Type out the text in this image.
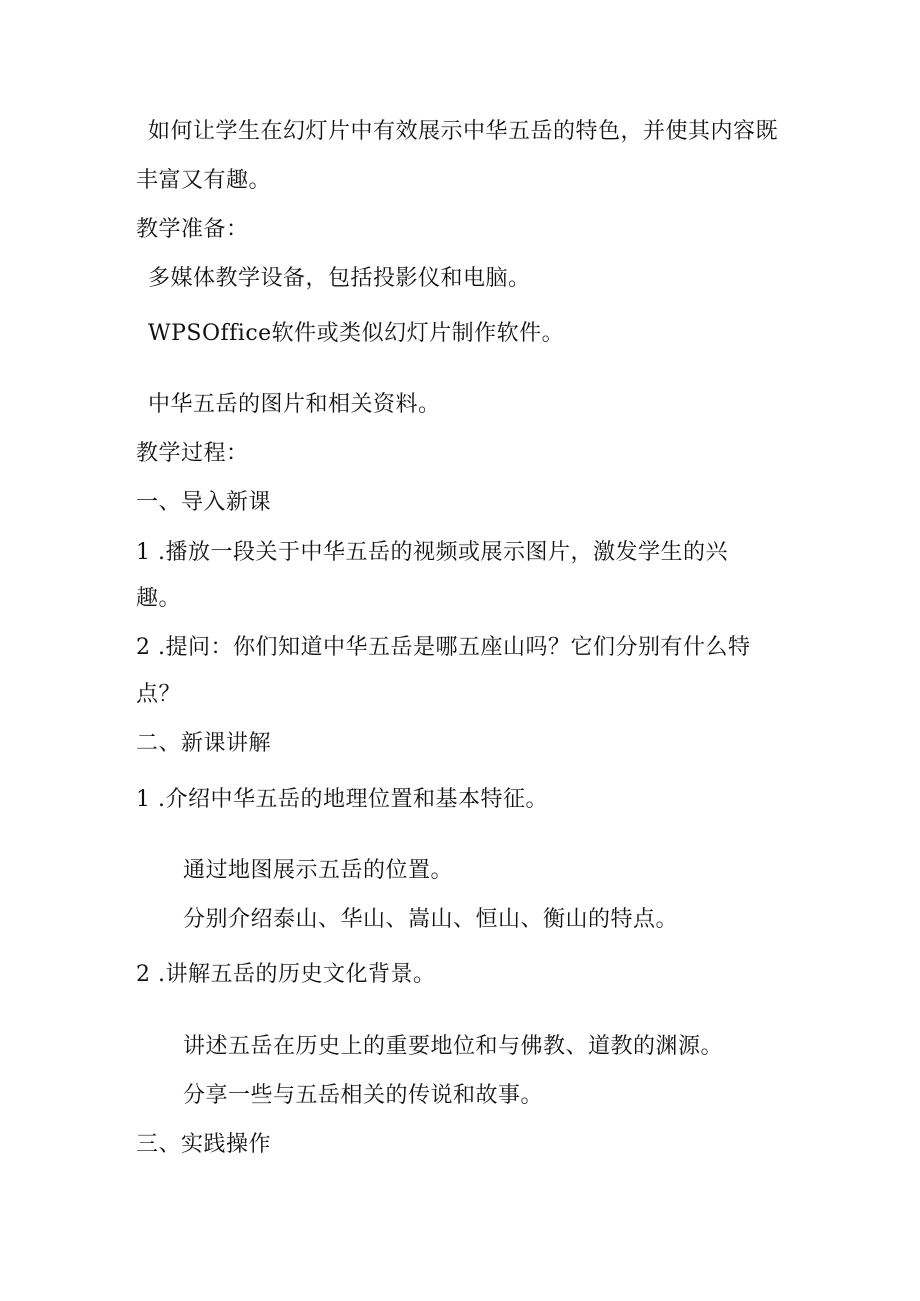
如何让学生在幻灯片中有效展示中华五岳的特色，并使其内容既
丰富又有趣。
教学准备：
多媒体教学设备，包括投影仪和电脑。
WPSOffice软件或类似幻灯片制作软件。
中华五岳的图片和相关资料。
教学过程：
一、导入新课
1 .播放一段关于中华五岳的视频或展示图片，激发学生的兴
趣。
2 .提问：你们知道中华五岳是哪五座山吗？它们分别有什么特
点？
二、新课讲解
1 .介绍中华五岳的地理位置和基本特征。
通过地图展示五岳的位置。
分别介绍泰山、华山、嵩山、恒山、衡山的特点。
2 .讲解五岳的历史文化背景。
讲述五岳在历史上的重要地位和与佛教、道教的渊源。
分享一些与五岳相关的传说和故事。
三、实践操作
